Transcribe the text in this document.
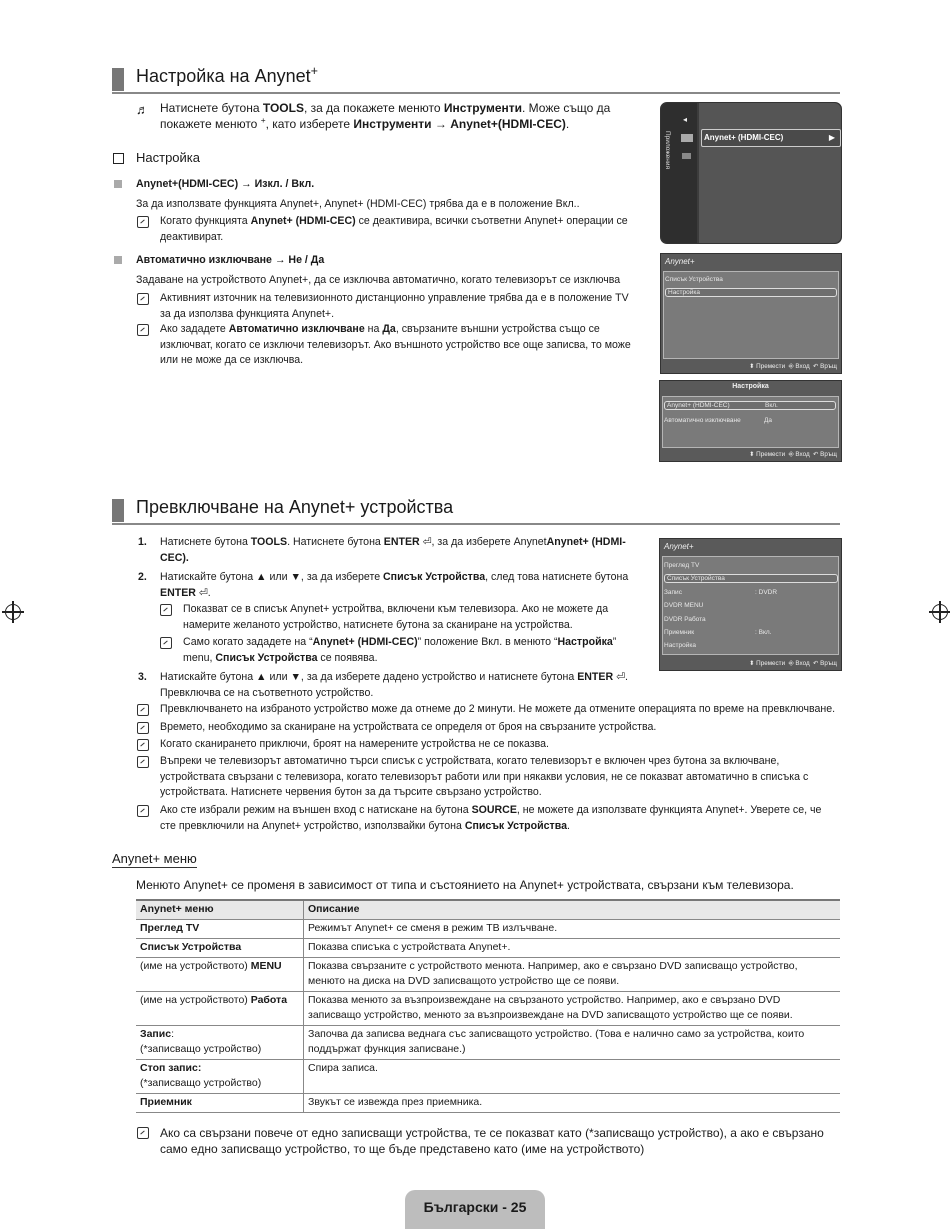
Настройка на Anynet+
♬ Натиснете бутона TOOLS, за да покажете менюто Инструменти. Може също да
покажете менюто +, като изберете Инструменти → Anynet+(HDMI-CEC).
Настройка
Anynet+(HDMI-CEC) → Изкл. / Вкл.
За да използвате функцията Anynet+, Anynet+ (HDMI-CEC) трябва да е в положение Вкл..
Когато функцията Anynet+ (HDMI-CEC) се деактивира, всички съответни Anynet+ операции се
деактивират.
Автоматично изключване → Не / Да
Задаване на устройството Anynet+, да се изключва автоматично, когато телевизорът се изключва
Активният източник на телевизионното дистанционно управление трябва да е в положение TV
за да използва функцията Anynet+.
Ако зададете Автоматично изключване на Да, свързаните външни устройства също се
изключват, когато се изключи телевизорът. Ако външното устройство все още записва, то може
или не може да се изключва.
Приложения
◂
Anynet+ (HDMI-CEC)	▶
Anynet+
Списък Устройства
Настройка
⬍ Премести  ⎆ Вход  ↶ Връщ
Настройка
Anynet+ (HDMI-CEC)	Вкл.
Автоматично изключване	Да
⬍ Премести  ⎆ Вход  ↶ Връщ
Превключване на Anynet+ устройства
1. Натиснете бутона TOOLS. Натиснете бутона ENTER ⏎, за да изберете AnynetAnynet+ (HDMI-
CEC).
2. Натискайте бутона ▲ или ▼, за да изберете Списък Устройства, след това натиснете бутона
ENTER ⏎.
Показват се в списък Anynet+ устройтва, включени към телевизора. Ако не можете да
намерите желаното устройство, натиснете бутона за сканиране на устройства.
Само когато зададете на “Anynet+ (HDMI-CEC)” положение Вкл. в менюто “Настройка”
menu, Списък Устройства се появява.
3. Натискайте бутона ▲ или ▼, за да изберете дадено устройство и натиснете бутона ENTER ⏎.
Превключва се на съответното устройство.
Превключването на избраното устройство може да отнеме до 2 минути. Не можете да отмените операцията по време на превключване.
Времето, необходимо за сканиране на устройствата се определя от броя на свързаните устройства.
Когато сканирането приключи, броят на намерените устройства не се показва.
Въпреки че телевизорът автоматично търси списък с устройствата, когато телевизорът е включен чрез бутона за включване,
устройствата свързани с телевизора, когато телевизорът работи или при някакви условия, не се показват автоматично в списъка с
устройствата. Натиснете червения бутон за да търсите свързано устройство.
Ако сте избрали режим на външен вход с натискане на бутона SOURCE, не можете да използвате функцията Anynet+. Уверете се, че
сте превключили на Anynet+ устройство, използвайки бутона Списък Устройства.
Anynet+
Преглед TV
Списък Устройства
Запис	: DVDR
DVDR MENU
DVDR Работа
Приемник	: Вкл.
Настройка
⬍ Премести  ⎆ Вход  ↶ Връщ
Anynet+ меню
Менюто Anynet+ се променя в зависимост от типа и състоянието на Anynet+ устройствата, свързани към телевизора.
Anynet+ меню	Описание
Преглед TV	Режимът Anynet+ се сменя в режим TB излъчване.
Списък Устройства	Показва списъка с устройствата Anynet+.
(име на устройството) MENU	Показва свързаните с устройството менюта. Например, ако е свързано DVD записващо устройство, менюто на диска на DVD записващото устройство ще се появи.
(име на устройството) Работа	Показва менюто за възпроизвеждане на свързаното устройство. Например, ако е свързано DVD записващо устройство, менюто за възпроизвеждане на DVD записващото устройство ще се появи.
Запис:
(*записващо устройство)	Започва да записва веднага със записващото устройство. (Това е налично само за устройства, които поддържат функция записване.)
Стоп запис:
(*записващо устройство)	Спира записа.
Приемник	Звукът се извежда през приемника.
Ако са свързани повече от едно записващи устройства, те се показват като (*записващо устройство), а ако е свързано
само едно записващо устройство, то ще бъде представено като (име на устройството)
Български - 25
